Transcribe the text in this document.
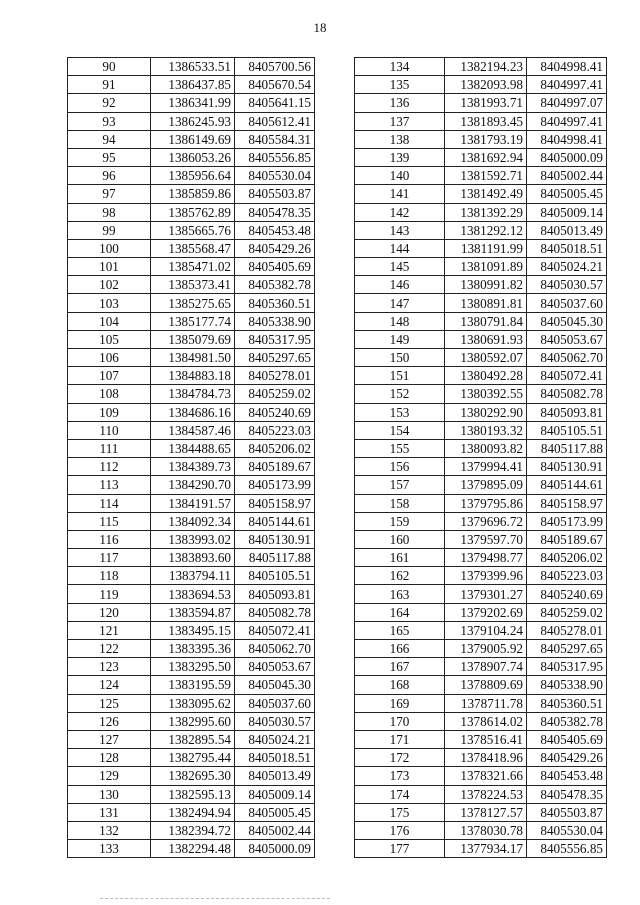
18
90	1386533.51	8405700.56
91	1386437.85	8405670.54
92	1386341.99	8405641.15
93	1386245.93	8405612.41
94	1386149.69	8405584.31
95	1386053.26	8405556.85
96	1385956.64	8405530.04
97	1385859.86	8405503.87
98	1385762.89	8405478.35
99	1385665.76	8405453.48
100	1385568.47	8405429.26
101	1385471.02	8405405.69
102	1385373.41	8405382.78
103	1385275.65	8405360.51
104	1385177.74	8405338.90
105	1385079.69	8405317.95
106	1384981.50	8405297.65
107	1384883.18	8405278.01
108	1384784.73	8405259.02
109	1384686.16	8405240.69
110	1384587.46	8405223.03
111	1384488.65	8405206.02
112	1384389.73	8405189.67
113	1384290.70	8405173.99
114	1384191.57	8405158.97
115	1384092.34	8405144.61
116	1383993.02	8405130.91
117	1383893.60	8405117.88
118	1383794.11	8405105.51
119	1383694.53	8405093.81
120	1383594.87	8405082.78
121	1383495.15	8405072.41
122	1383395.36	8405062.70
123	1383295.50	8405053.67
124	1383195.59	8405045.30
125	1383095.62	8405037.60
126	1382995.60	8405030.57
127	1382895.54	8405024.21
128	1382795.44	8405018.51
129	1382695.30	8405013.49
130	1382595.13	8405009.14
131	1382494.94	8405005.45
132	1382394.72	8405002.44
133	1382294.48	8405000.09
134	1382194.23	8404998.41
135	1382093.98	8404997.41
136	1381993.71	8404997.07
137	1381893.45	8404997.41
138	1381793.19	8404998.41
139	1381692.94	8405000.09
140	1381592.71	8405002.44
141	1381492.49	8405005.45
142	1381392.29	8405009.14
143	1381292.12	8405013.49
144	1381191.99	8405018.51
145	1381091.89	8405024.21
146	1380991.82	8405030.57
147	1380891.81	8405037.60
148	1380791.84	8405045.30
149	1380691.93	8405053.67
150	1380592.07	8405062.70
151	1380492.28	8405072.41
152	1380392.55	8405082.78
153	1380292.90	8405093.81
154	1380193.32	8405105.51
155	1380093.82	8405117.88
156	1379994.41	8405130.91
157	1379895.09	8405144.61
158	1379795.86	8405158.97
159	1379696.72	8405173.99
160	1379597.70	8405189.67
161	1379498.77	8405206.02
162	1379399.96	8405223.03
163	1379301.27	8405240.69
164	1379202.69	8405259.02
165	1379104.24	8405278.01
166	1379005.92	8405297.65
167	1378907.74	8405317.95
168	1378809.69	8405338.90
169	1378711.78	8405360.51
170	1378614.02	8405382.78
171	1378516.41	8405405.69
172	1378418.96	8405429.26
173	1378321.66	8405453.48
174	1378224.53	8405478.35
175	1378127.57	8405503.87
176	1378030.78	8405530.04
177	1377934.17	8405556.85
